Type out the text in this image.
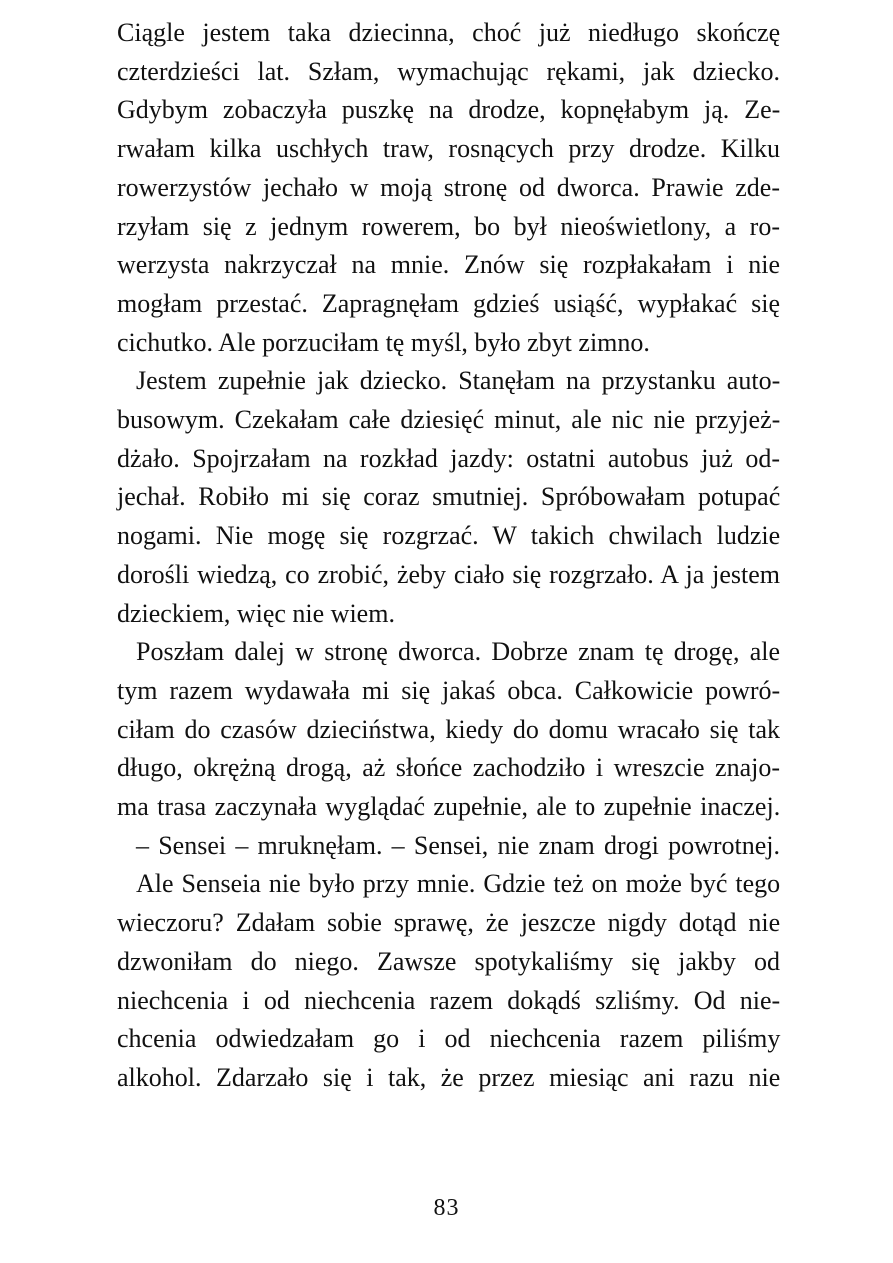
Ciągle jestem taka dziecinna, choć już niedługo skończę
czterdzieści lat. Szłam, wymachując rękami, jak dziecko.
Gdybym zobaczyła puszkę na drodze, kopnęłabym ją. Ze-
rwałam kilka uschłych traw, rosnących przy drodze. Kilku
rowerzystów jechało w moją stronę od dworca. Prawie zde-
rzyłam się z jednym rowerem, bo był nieoświetlony, a ro-
werzysta nakrzyczał na mnie. Znów się rozpłakałam i nie
mogłam przestać. Zapragnęłam gdzieś usiąść, wypłakać się
cichutko. Ale porzuciłam tę myśl, było zbyt zimno.
Jestem zupełnie jak dziecko. Stanęłam na przystanku auto-
busowym. Czekałam całe dziesięć minut, ale nic nie przyjeż-
dżało. Spojrzałam na rozkład jazdy: ostatni autobus już od-
jechał. Robiło mi się coraz smutniej. Spróbowałam potupać
nogami. Nie mogę się rozgrzać. W takich chwilach ludzie
dorośli wiedzą, co zrobić, żeby ciało się rozgrzało. A ja jestem
dzieckiem, więc nie wiem.
Poszłam dalej w stronę dworca. Dobrze znam tę drogę, ale
tym razem wydawała mi się jakaś obca. Całkowicie powró-
ciłam do czasów dzieciństwa, kiedy do domu wracało się tak
długo, okrężną drogą, aż słońce zachodziło i wreszcie znajo-
ma trasa zaczynała wyglądać zupełnie, ale to zupełnie inaczej.
– Sensei – mruknęłam. – Sensei, nie znam drogi powrotnej.
Ale Senseia nie było przy mnie. Gdzie też on może być tego
wieczoru? Zdałam sobie sprawę, że jeszcze nigdy dotąd nie
dzwoniłam do niego. Zawsze spotykaliśmy się jakby od
niechcenia i od niechcenia razem dokądś szliśmy. Od nie-
chcenia odwiedzałam go i od niechcenia razem piliśmy
alkohol. Zdarzało się i tak, że przez miesiąc ani razu nie
83
